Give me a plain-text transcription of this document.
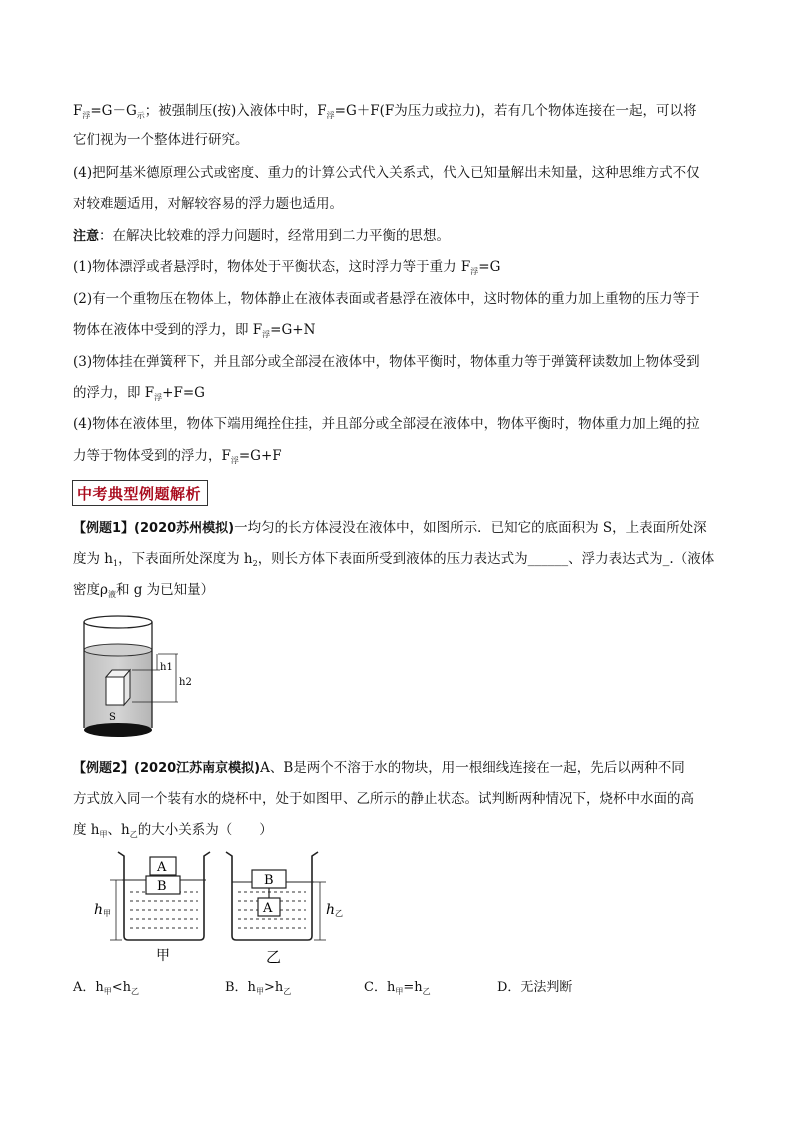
$F_浮=G-G_示$；被强制压(按)入液体中时，$F_浮=G+F(F$为压力或拉力)，若有几个物体连接在一起，可以将
它们视为一个整体进行研究。
(4)把阿基米德原理公式或密度、重力的计算公式代入关系式，代入已知量解出未知量，这种思维方式不仅
对较难题适用，对解较容易的浮力题也适用。
注意：在解决比较难的浮力问题时，经常用到二力平衡的思想。
(1)物体漂浮或者悬浮时，物体处于平衡状态，这时浮力等于重力 $F_浮=G$
(2)有一个重物压在物体上，物体静止在液体表面或者悬浮在液体中，这时物体的重力加上重物的压力等于
物体在液体中受到的浮力，即 $F_浮=G+N$
(3)物体挂在弹簧秤下，并且部分或全部浸在液体中，物体平衡时，物体重力等于弹簧秤读数加上物体受到
的浮力，即 $F_浮+F=G$
(4)物体在液体里，物体下端用绳拴住挂，并且部分或全部浸在液体中，物体平衡时，物体重力加上绳的拉
力等于物体受到的浮力，$F_浮=G+F$
中考典型例题解析
【例题1】(2020苏州模拟)一均匀的长方体浸没在液体中，如图所示．已知它的底面积为 S，上表面所处深
度为 $h_1$，下表面所处深度为 $h_2$，则长方体下表面所受到液体的压力表达式为______、浮力表达式为_.（液体
密度$\rho_液$和 g 为已知量）
S
h1
h2
【例题2】(2020江苏南京模拟)A、B是两个不溶于水的物块，用一根细线连接在一起，先后以两种不同
方式放入同一个装有水的烧杯中，处于如图甲、乙所示的静止状态。试判断两种情况下，烧杯中水面的高
度 $h_甲$、$h_乙$的大小关系为（　　）
A
B
h 甲
甲
B
A	h 乙
乙
A．$h_甲<h_乙$	B．$h_甲>h_乙$	C．$h_甲=h_乙$	D．无法判断
